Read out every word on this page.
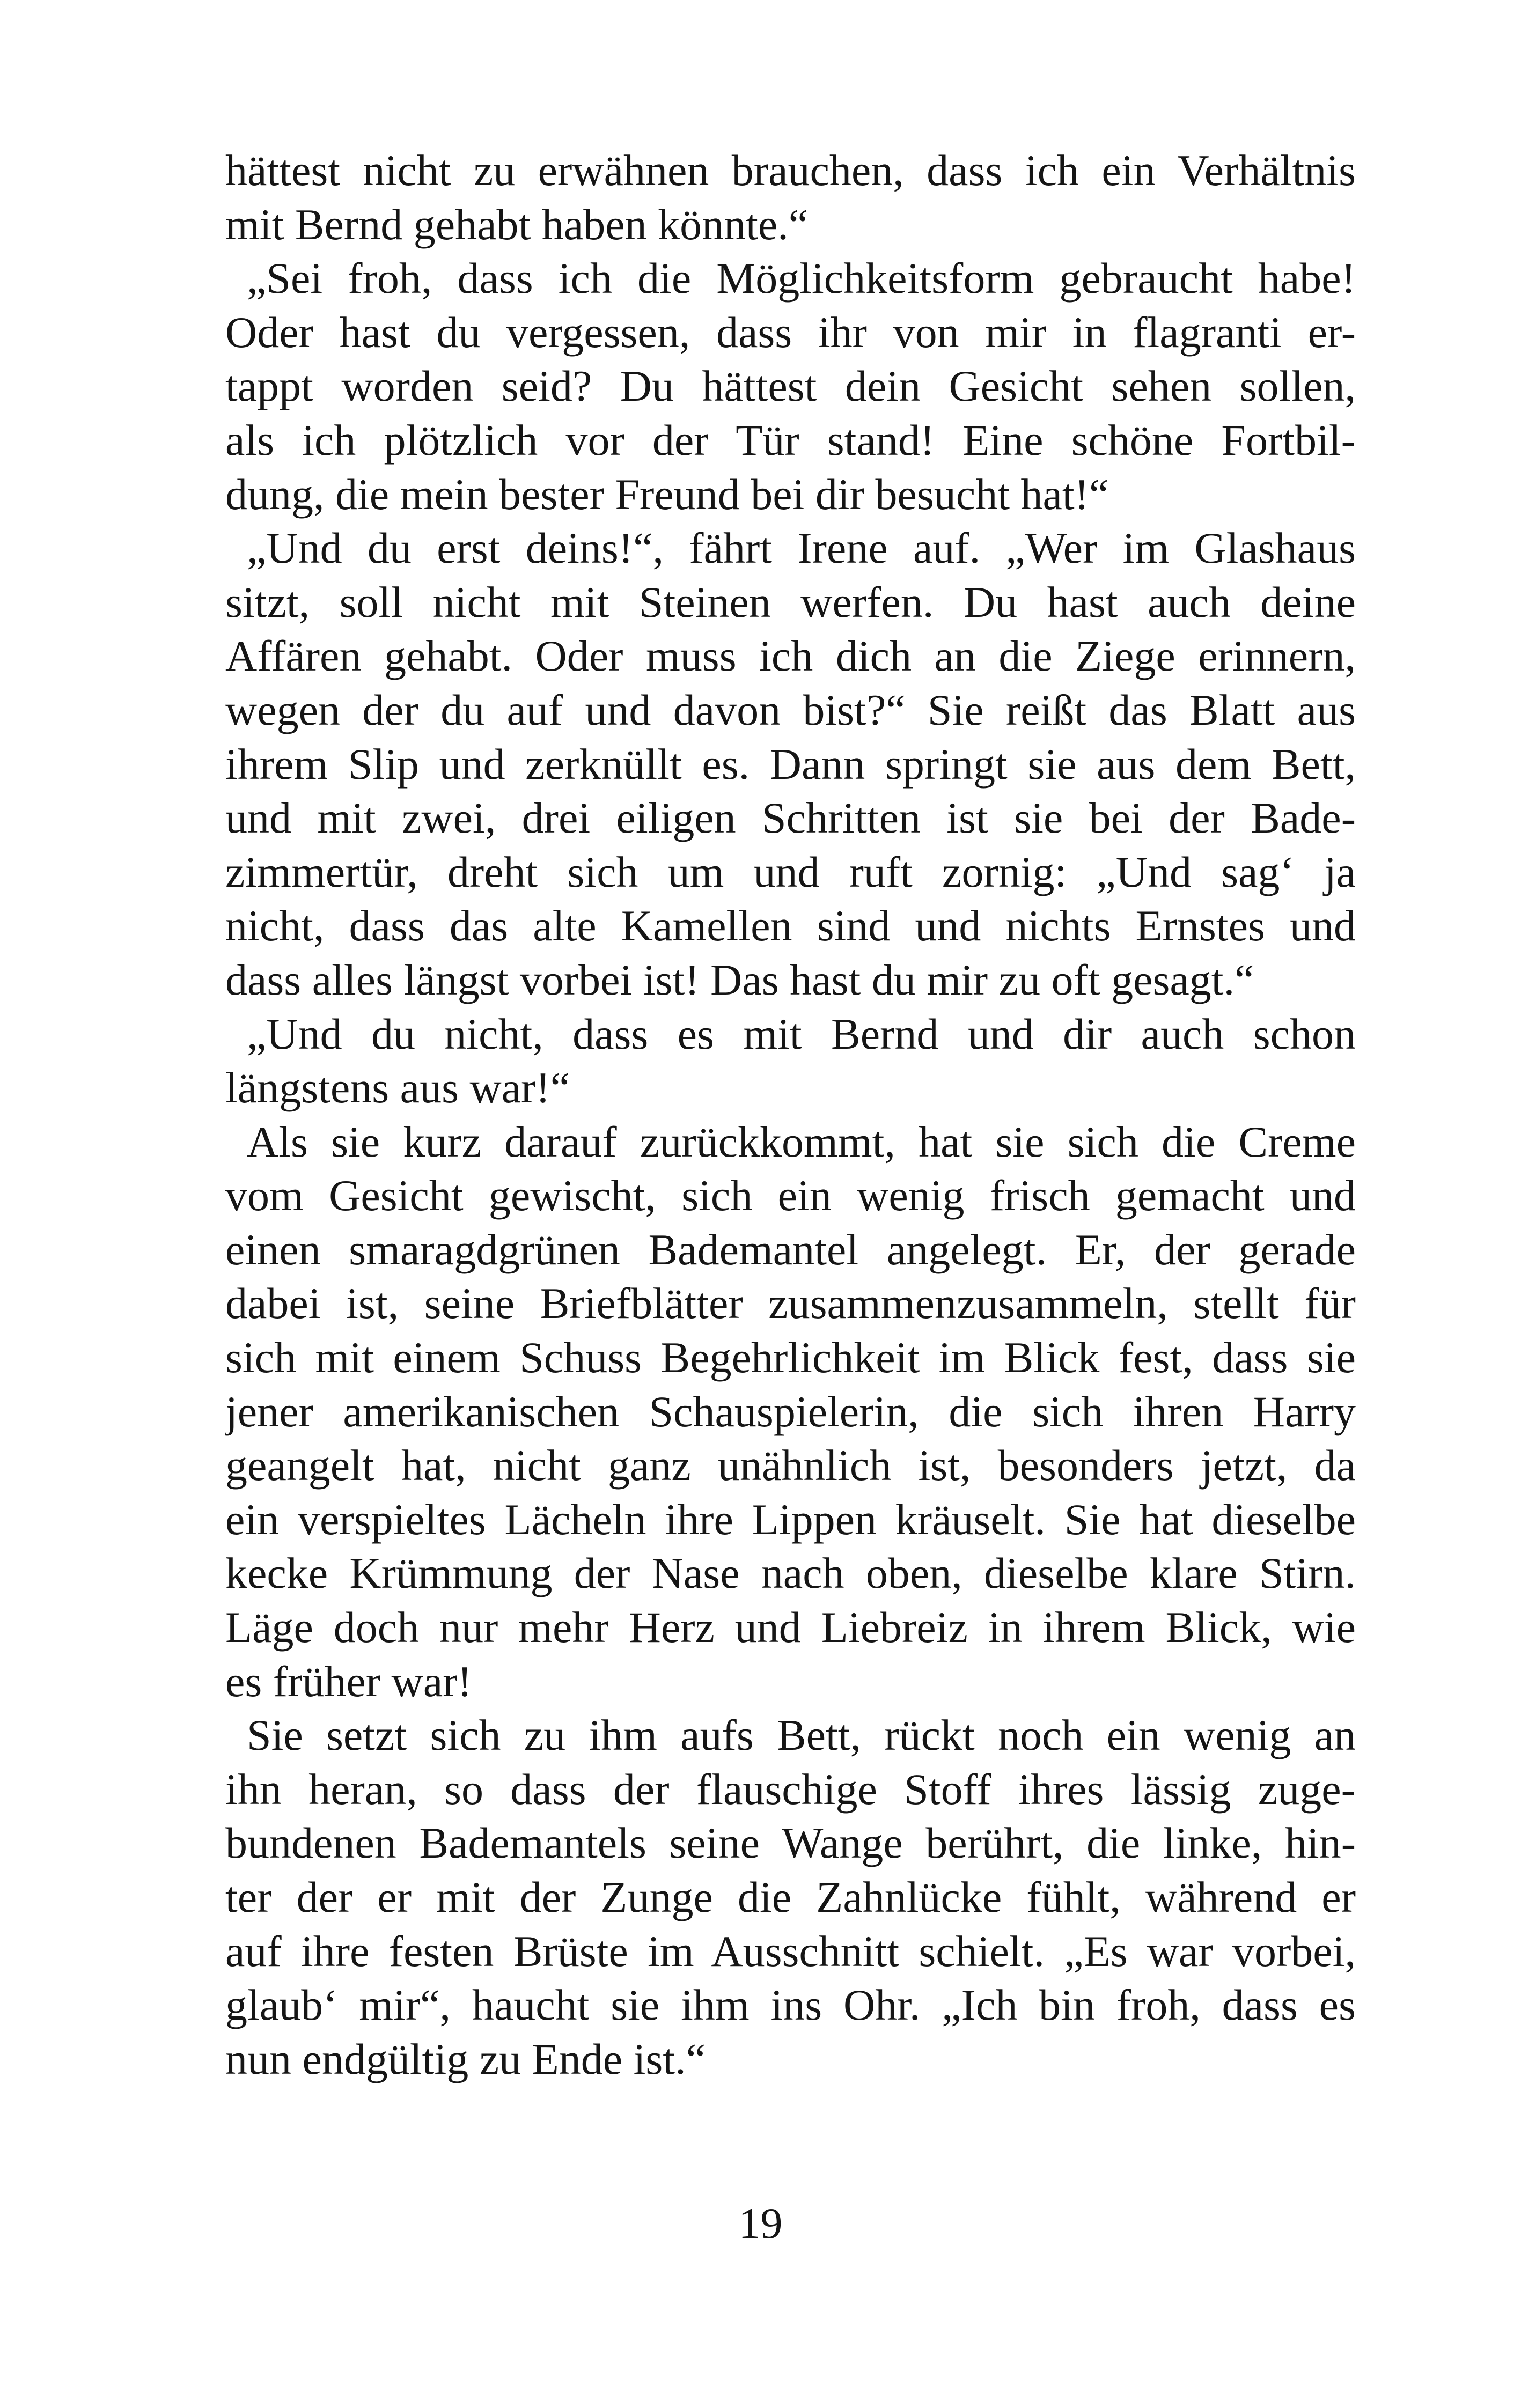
hättest nicht zu erwähnen brauchen, dass ich ein Verhältnis
mit Bernd gehabt haben könnte.“
„Sei froh, dass ich die Möglichkeitsform gebraucht habe!
Oder hast du vergessen, dass ihr von mir in flagranti er-
tappt worden seid? Du hättest dein Gesicht sehen sollen,
als ich plötzlich vor der Tür stand! Eine schöne Fortbil-
dung, die mein bester Freund bei dir besucht hat!“
„Und du erst deins!“, fährt Irene auf. „Wer im Glashaus
sitzt, soll nicht mit Steinen werfen. Du hast auch deine
Affären gehabt. Oder muss ich dich an die Ziege erinnern,
wegen der du auf und davon bist?“ Sie reißt das Blatt aus
ihrem Slip und zerknüllt es. Dann springt sie aus dem Bett,
und mit zwei, drei eiligen Schritten ist sie bei der Bade-
zimmertür, dreht sich um und ruft zornig: „Und sag‘ ja
nicht, dass das alte Kamellen sind und nichts Ernstes und
dass alles längst vorbei ist! Das hast du mir zu oft gesagt.“
„Und du nicht, dass es mit Bernd und dir auch schon
längstens aus war!“
Als sie kurz darauf zurückkommt, hat sie sich die Creme
vom Gesicht gewischt, sich ein wenig frisch gemacht und
einen smaragdgrünen Bademantel angelegt. Er, der gerade
dabei ist, seine Briefblätter zusammenzusammeln, stellt für
sich mit einem Schuss Begehrlichkeit im Blick fest, dass sie
jener amerikanischen Schauspielerin, die sich ihren Harry
geangelt hat, nicht ganz unähnlich ist, besonders jetzt, da
ein verspieltes Lächeln ihre Lippen kräuselt. Sie hat dieselbe
kecke Krümmung der Nase nach oben, dieselbe klare Stirn.
Läge doch nur mehr Herz und Liebreiz in ihrem Blick, wie
es früher war!
Sie setzt sich zu ihm aufs Bett, rückt noch ein wenig an
ihn heran, so dass der flauschige Stoff ihres lässig zuge-
bundenen Bademantels seine Wange berührt, die linke, hin-
ter der er mit der Zunge die Zahnlücke fühlt, während er
auf ihre festen Brüste im Ausschnitt schielt. „Es war vorbei,
glaub‘ mir“, haucht sie ihm ins Ohr. „Ich bin froh, dass es
nun endgültig zu Ende ist.“
19
